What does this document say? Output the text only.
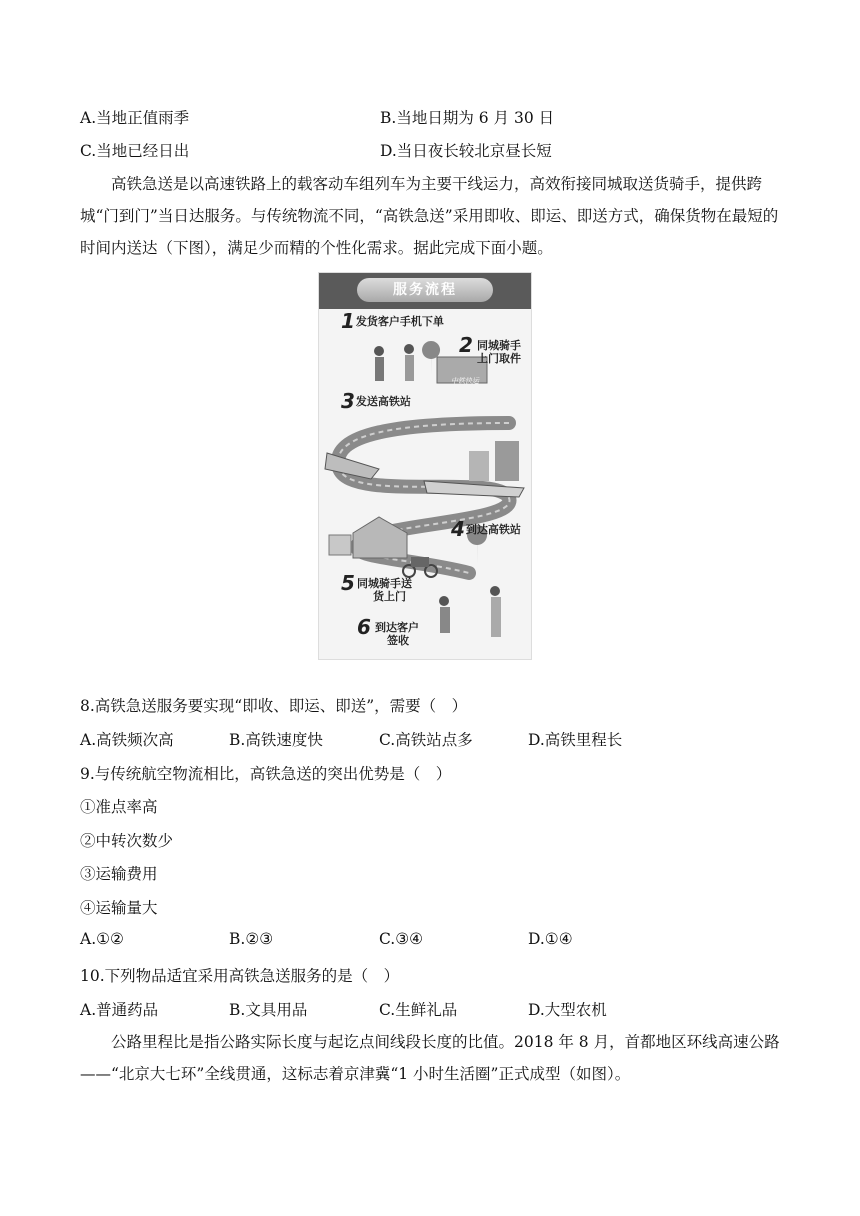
A.当地正值雨季	B.当地日期为 6 月 30 日
C.当地已经日出	D.当日夜长较北京昼长短
高铁急送是以高速铁路上的载客动车组列车为主要干线运力，高效衔接同城取送货骑手，提供跨城“门到门”当日达服务。与传统物流不同，“高铁急送”采用即收、即运、即送方式，确保货物在最短的时间内送达（下图），满足少而精的个性化需求。据此完成下面小题。
服务流程
1发货客户手机下单
2 同城骑手
上门取件
3发送高铁站
4到达高铁站
5 同城骑手送
货上门
6 到达客户
签收
中铁快运
8.高铁急送服务要实现“即收、即运、即送”，需要（　）
A.高铁频次高	B.高铁速度快	C.高铁站点多	D.高铁里程长
9.与传统航空物流相比，高铁急送的突出优势是（　）
①准点率高
②中转次数少
③运输费用
④运输量大
A.①②	B.②③	C.③④	D.①④
10.下列物品适宜采用高铁急送服务的是（　）
A.普通药品	B.文具用品	C.生鲜礼品	D.大型农机
公路里程比是指公路实际长度与起讫点间线段长度的比值。2018 年 8 月，首都地区环线高速公路——“北京大七环”全线贯通，这标志着京津冀“1 小时生活圈”正式成型（如图）。
